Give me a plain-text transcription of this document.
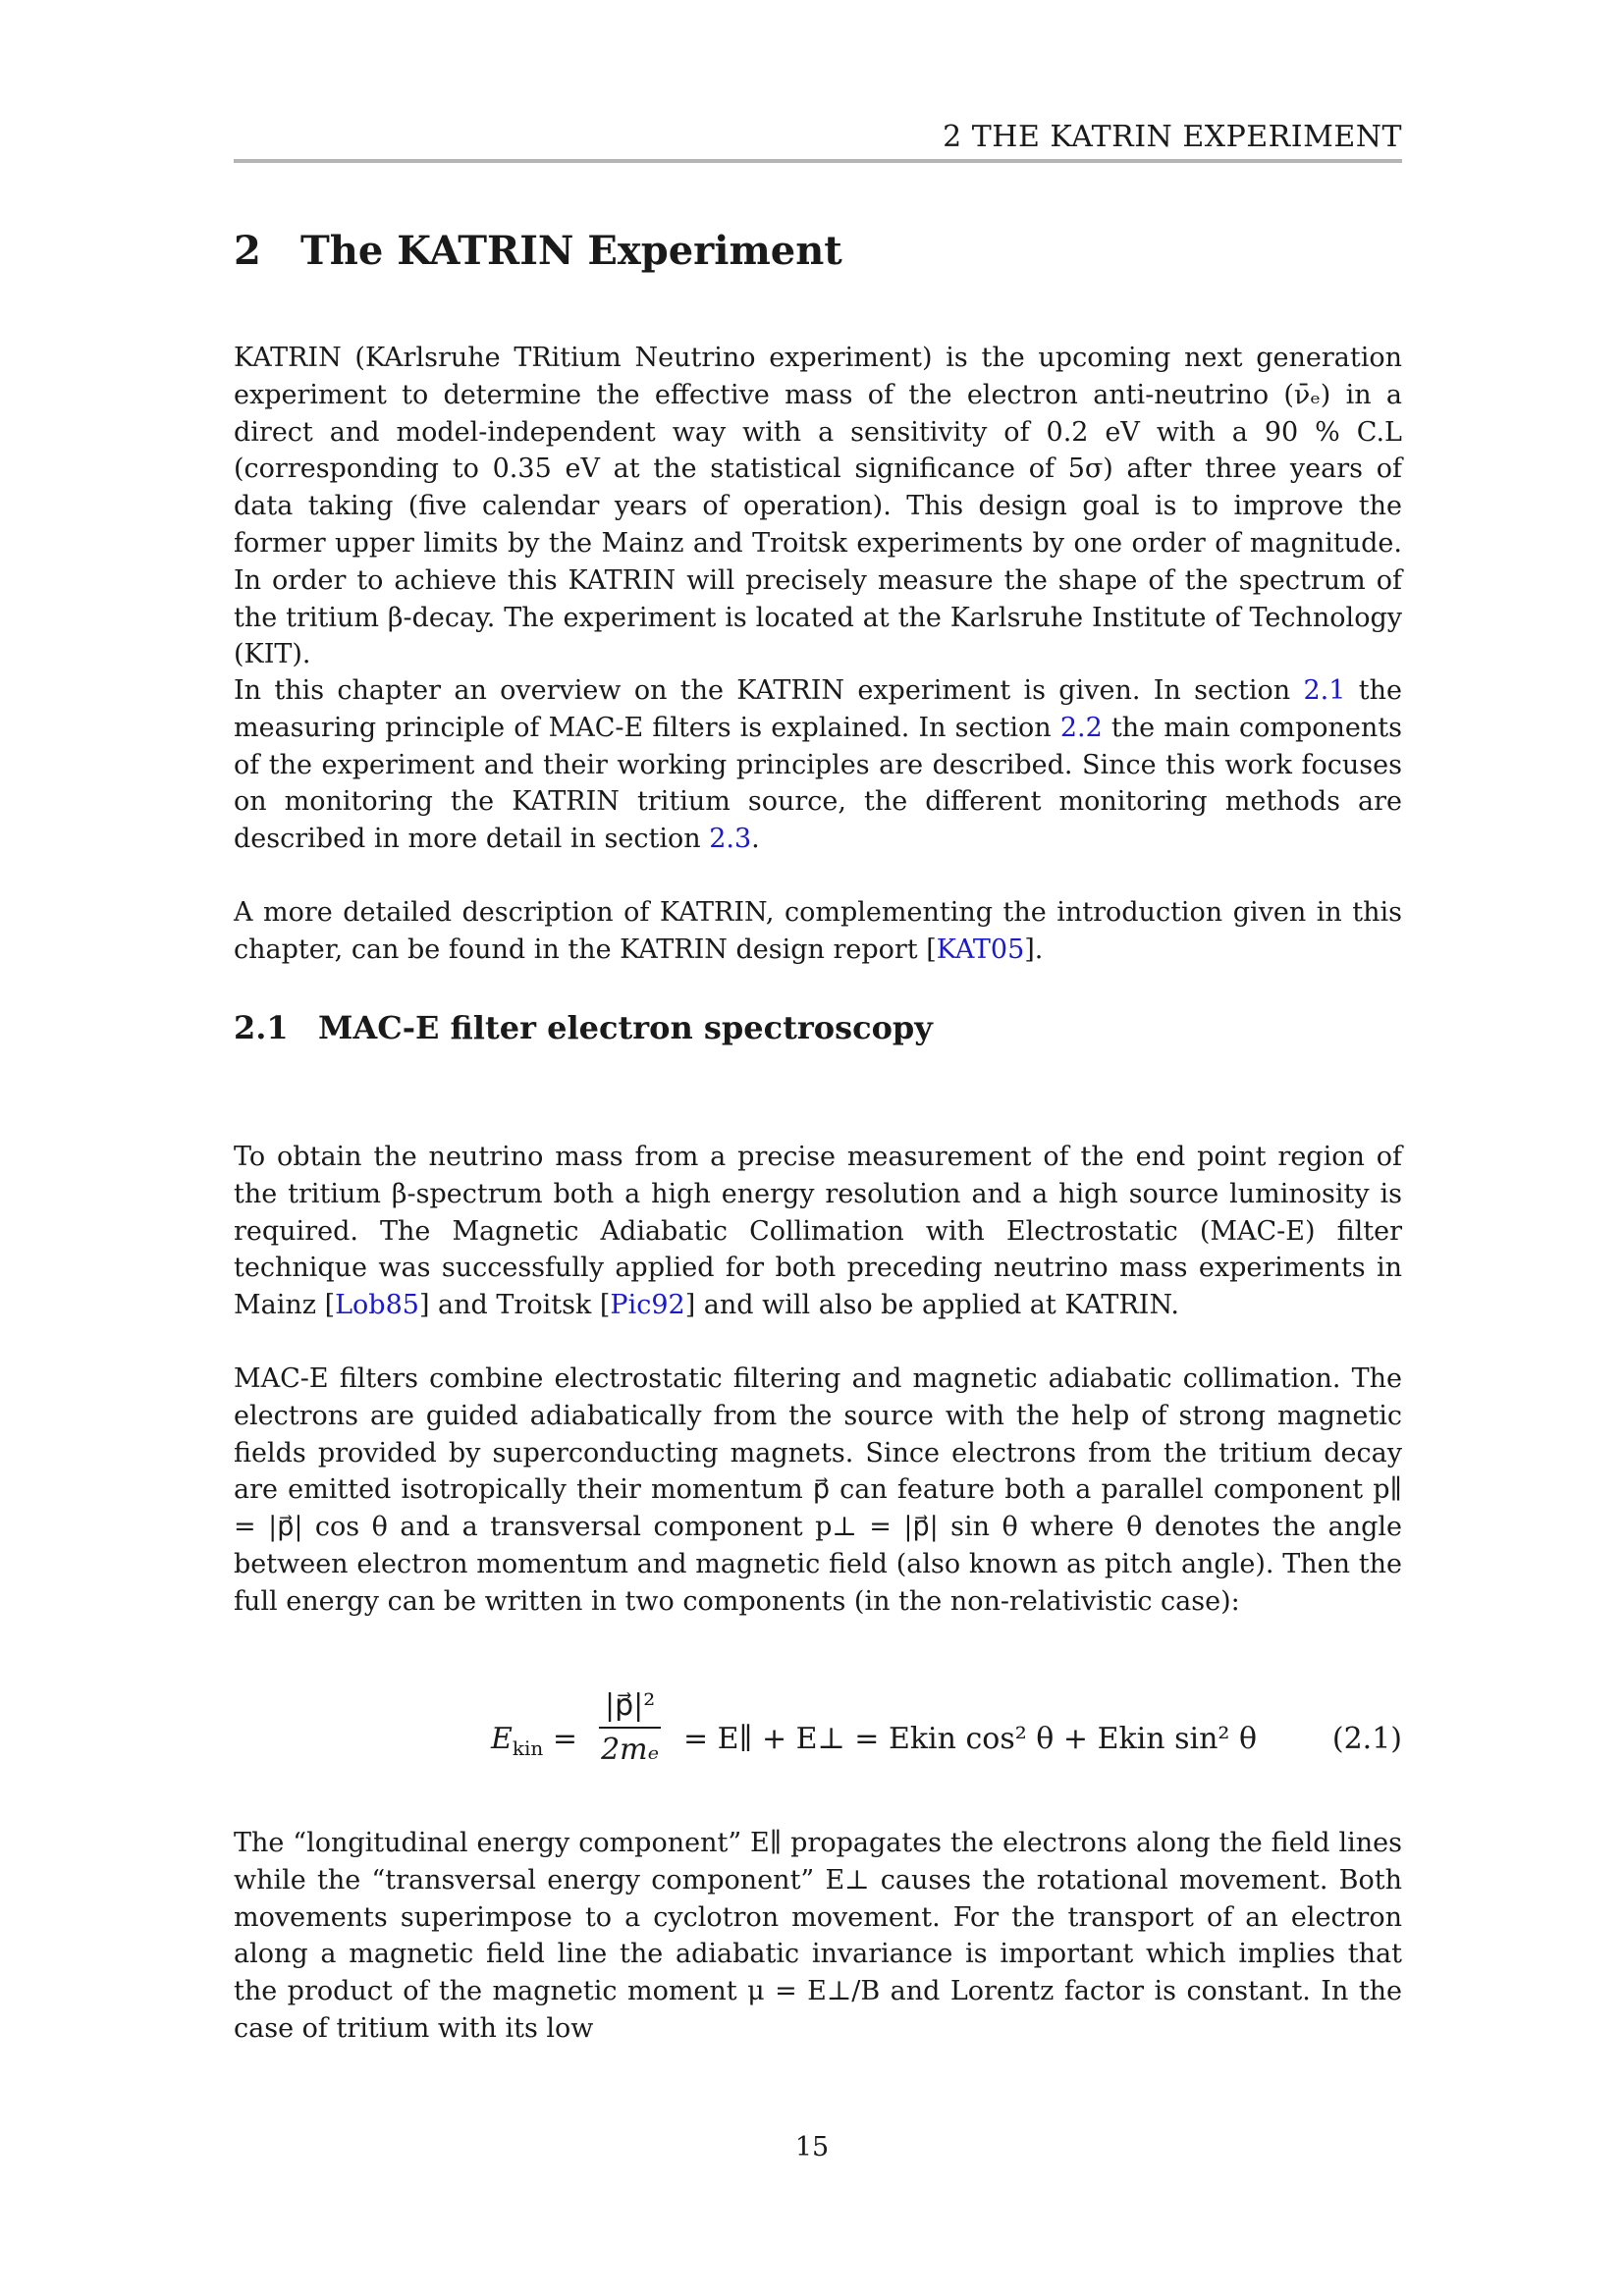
2 THE KATRIN EXPERIMENT
2 The KATRIN Experiment
KATRIN (KArlsruhe TRitium Neutrino experiment) is the upcoming next generation experiment to determine the effective mass of the electron anti-neutrino (ν̄ₑ) in a direct and model-independent way with a sensitivity of 0.2 eV with a 90 % C.L (corresponding to 0.35 eV at the statistical significance of 5σ) after three years of data taking (five calendar years of operation). This design goal is to improve the former upper limits by the Mainz and Troitsk experiments by one order of magnitude. In order to achieve this KATRIN will precisely measure the shape of the spectrum of the tritium β-decay. The experiment is located at the Karlsruhe Institute of Technology (KIT).
In this chapter an overview on the KATRIN experiment is given. In section 2.1 the measuring principle of MAC-E filters is explained. In section 2.2 the main components of the experiment and their working principles are described. Since this work focuses on monitoring the KATRIN tritium source, the different monitoring methods are described in more detail in section 2.3.
A more detailed description of KATRIN, complementing the introduction given in this chapter, can be found in the KATRIN design report [KAT05].
2.1 MAC-E filter electron spectroscopy
To obtain the neutrino mass from a precise measurement of the end point region of the tritium β-spectrum both a high energy resolution and a high source luminosity is required. The Magnetic Adiabatic Collimation with Electrostatic (MAC-E) filter technique was successfully applied for both preceding neutrino mass experiments in Mainz [Lob85] and Troitsk [Pic92] and will also be applied at KATRIN.
MAC-E filters combine electrostatic filtering and magnetic adiabatic collimation. The electrons are guided adiabatically from the source with the help of strong magnetic fields provided by superconducting magnets. Since electrons from the tritium decay are emitted isotropically their momentum p⃗ can feature both a parallel component p∥ = |p⃗| cos θ and a transversal component p⊥ = |p⃗| sin θ where θ denotes the angle between electron momentum and magnetic field (also known as pitch angle). Then the full energy can be written in two components (in the non-relativistic case):
$E_{kin}$ =
|p⃗|²
2mₑ = E∥ + E⊥ = Ekin cos² θ + Ekin sin² θ	(2.1)
The “longitudinal energy component” E∥ propagates the electrons along the field lines while the “transversal energy component” E⊥ causes the rotational movement. Both movements superimpose to a cyclotron movement. For the transport of an electron along a magnetic field line the adiabatic invariance is important which implies that the product of the magnetic moment μ = E⊥/B and Lorentz factor is constant. In the case of tritium with its low
15
